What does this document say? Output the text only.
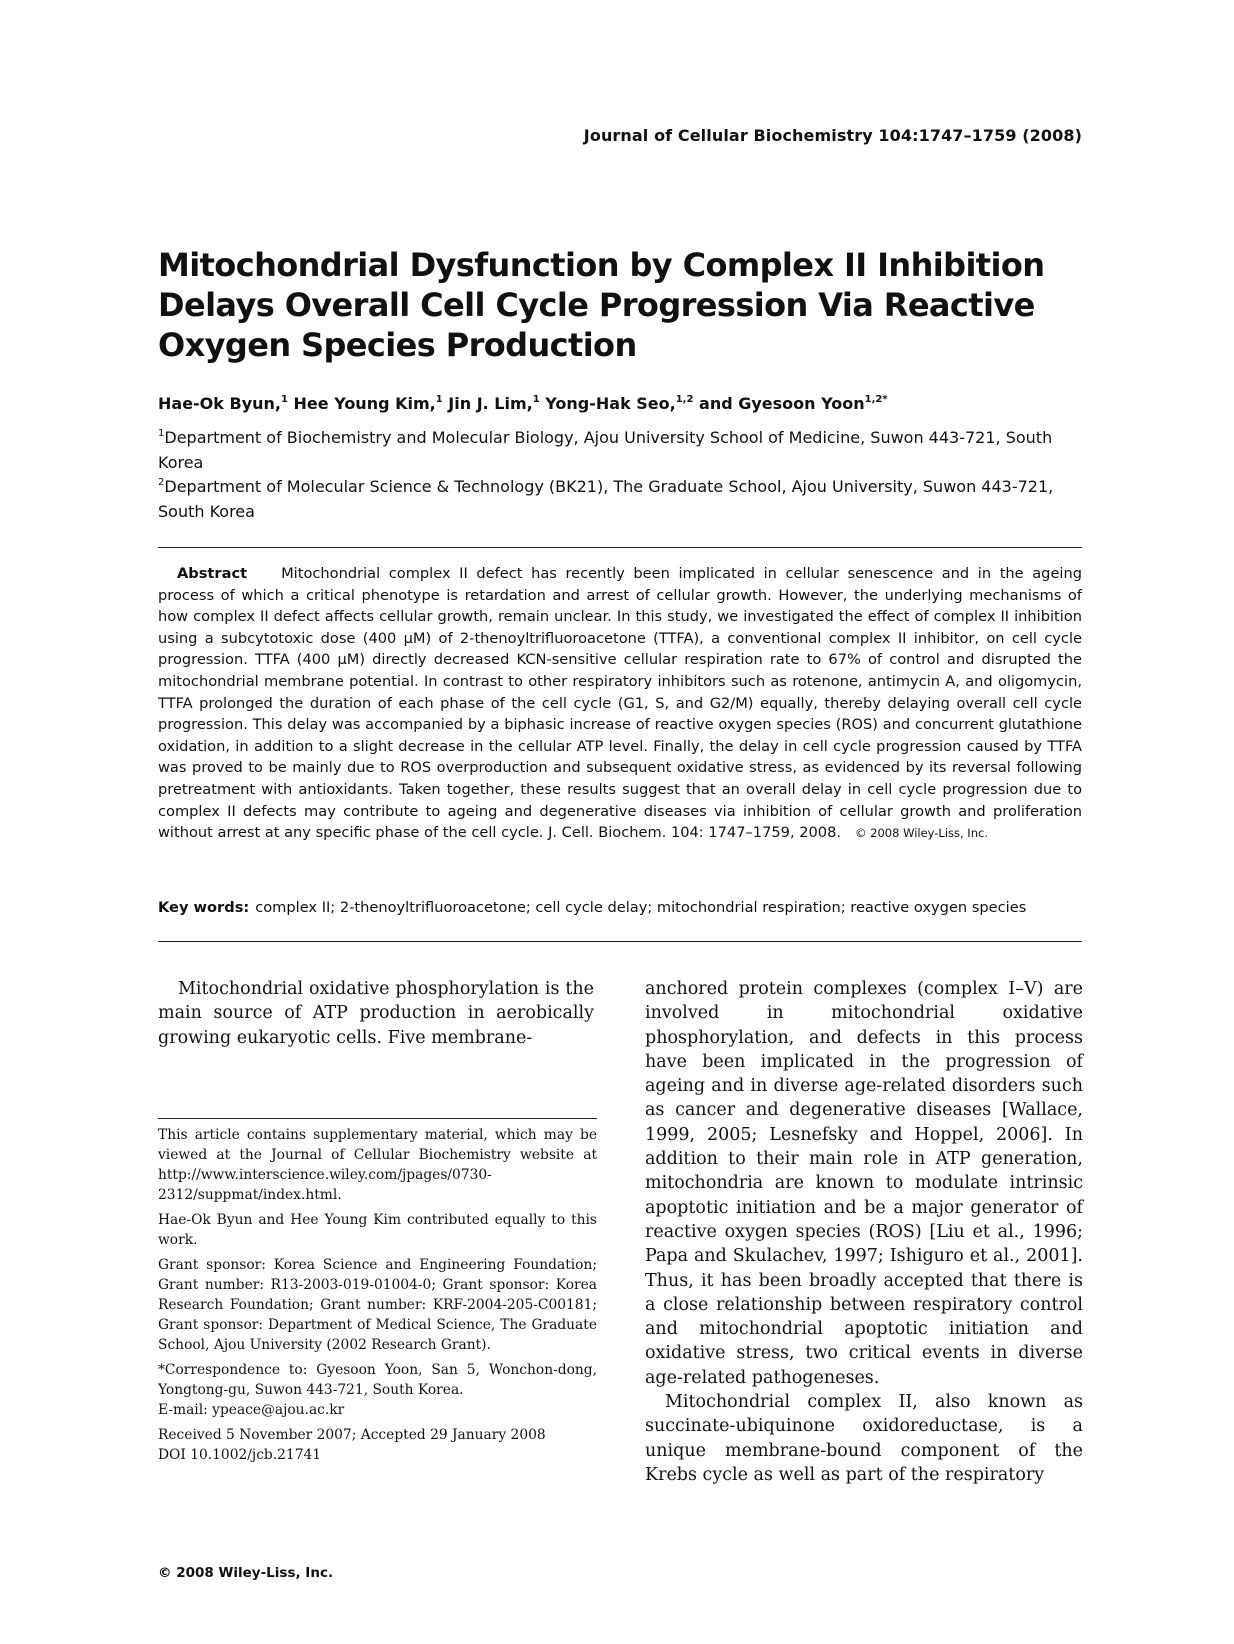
Journal of Cellular Biochemistry 104:1747–1759 (2008)
Mitochondrial Dysfunction by Complex II Inhibition Delays Overall Cell Cycle Progression Via Reactive Oxygen Species Production
Hae-Ok Byun,$^1$ Hee Young Kim,$^1$ Jin J. Lim,$^1$ Yong-Hak Seo,$^{1,2}$ and Gyesoon Yoon$^{1,2*}$

$^1$Department of Biochemistry and Molecular Biology, Ajou University School of Medicine, Suwon 443-721, South Korea

$^2$Department of Molecular Science & Technology (BK21), The Graduate School, Ajou University, Suwon 443-721, South Korea

Abstract Mitochondrial complex II defect has recently been implicated in cellular senescence and in the ageing process of which a critical phenotype is retardation and arrest of cellular growth. However, the underlying mechanisms of how complex II defect affects cellular growth, remain unclear. In this study, we investigated the effect of complex II inhibition using a subcytotoxic dose (400 µM) of 2-thenoyltrifluoroacetone (TTFA), a conventional complex II inhibitor, on cell cycle progression. TTFA (400 µM) directly decreased KCN-sensitive cellular respiration rate to 67% of control and disrupted the mitochondrial membrane potential. In contrast to other respiratory inhibitors such as rotenone, antimycin A, and oligomycin, TTFA prolonged the duration of each phase of the cell cycle (G1, S, and G2/M) equally, thereby delaying overall cell cycle progression. This delay was accompanied by a biphasic increase of reactive oxygen species (ROS) and concurrent glutathione oxidation, in addition to a slight decrease in the cellular ATP level. Finally, the delay in cell cycle progression caused by TTFA was proved to be mainly due to ROS overproduction and subsequent oxidative stress, as evidenced by its reversal following pretreatment with antioxidants. Taken together, these results suggest that an overall delay in cell cycle progression due to complex II defects may contribute to ageing and degenerative diseases via inhibition of cellular growth and proliferation without arrest at any specific phase of the cell cycle. J. Cell. Biochem. 104: 1747–1759, 2008. © 2008 Wiley-Liss, Inc.

Key words: complex II; 2-thenoyltrifluoroacetone; cell cycle delay; mitochondrial respiration; reactive oxygen species

Mitochondrial oxidative phosphorylation is the main source of ATP production in aerobically growing eukaryotic cells. Five membrane-

anchored protein complexes (complex I–V) are involved in mitochondrial oxidative phosphorylation, and defects in this process have been implicated in the progression of ageing and in diverse age-related disorders such as cancer and degenerative diseases [Wallace, 1999, 2005; Lesnefsky and Hoppel, 2006]. In addition to their main role in ATP generation, mitochondria are known to modulate intrinsic apoptotic initiation and be a major generator of reactive oxygen species (ROS) [Liu et al., 1996; Papa and Skulachev, 1997; Ishiguro et al., 2001]. Thus, it has been broadly accepted that there is a close relationship between respiratory control and mitochondrial apoptotic initiation and oxidative stress, two critical events in diverse age-related pathogeneses.

Mitochondrial complex II, also known as succinate-ubiquinone oxidoreductase, is a unique membrane-bound component of the Krebs cycle as well as part of the respiratory

This article contains supplementary material, which may be viewed at the Journal of Cellular Biochemistry website at http://www.interscience.wiley.com/jpages/0730-2312/suppmat/index.html.

Hae-Ok Byun and Hee Young Kim contributed equally to this work.

Grant sponsor: Korea Science and Engineering Foundation; Grant number: R13-2003-019-01004-0; Grant sponsor: Korea Research Foundation; Grant number: KRF-2004-205-C00181; Grant sponsor: Department of Medical Science, The Graduate School, Ajou University (2002 Research Grant).

*Correspondence to: Gyesoon Yoon, San 5, Wonchon-dong, Yongtong-gu, Suwon 443-721, South Korea.

E-mail: ypeace@ajou.ac.kr

Received 5 November 2007; Accepted 29 January 2008

DOI 10.1002/jcb.21741

© 2008 Wiley-Liss, Inc.
